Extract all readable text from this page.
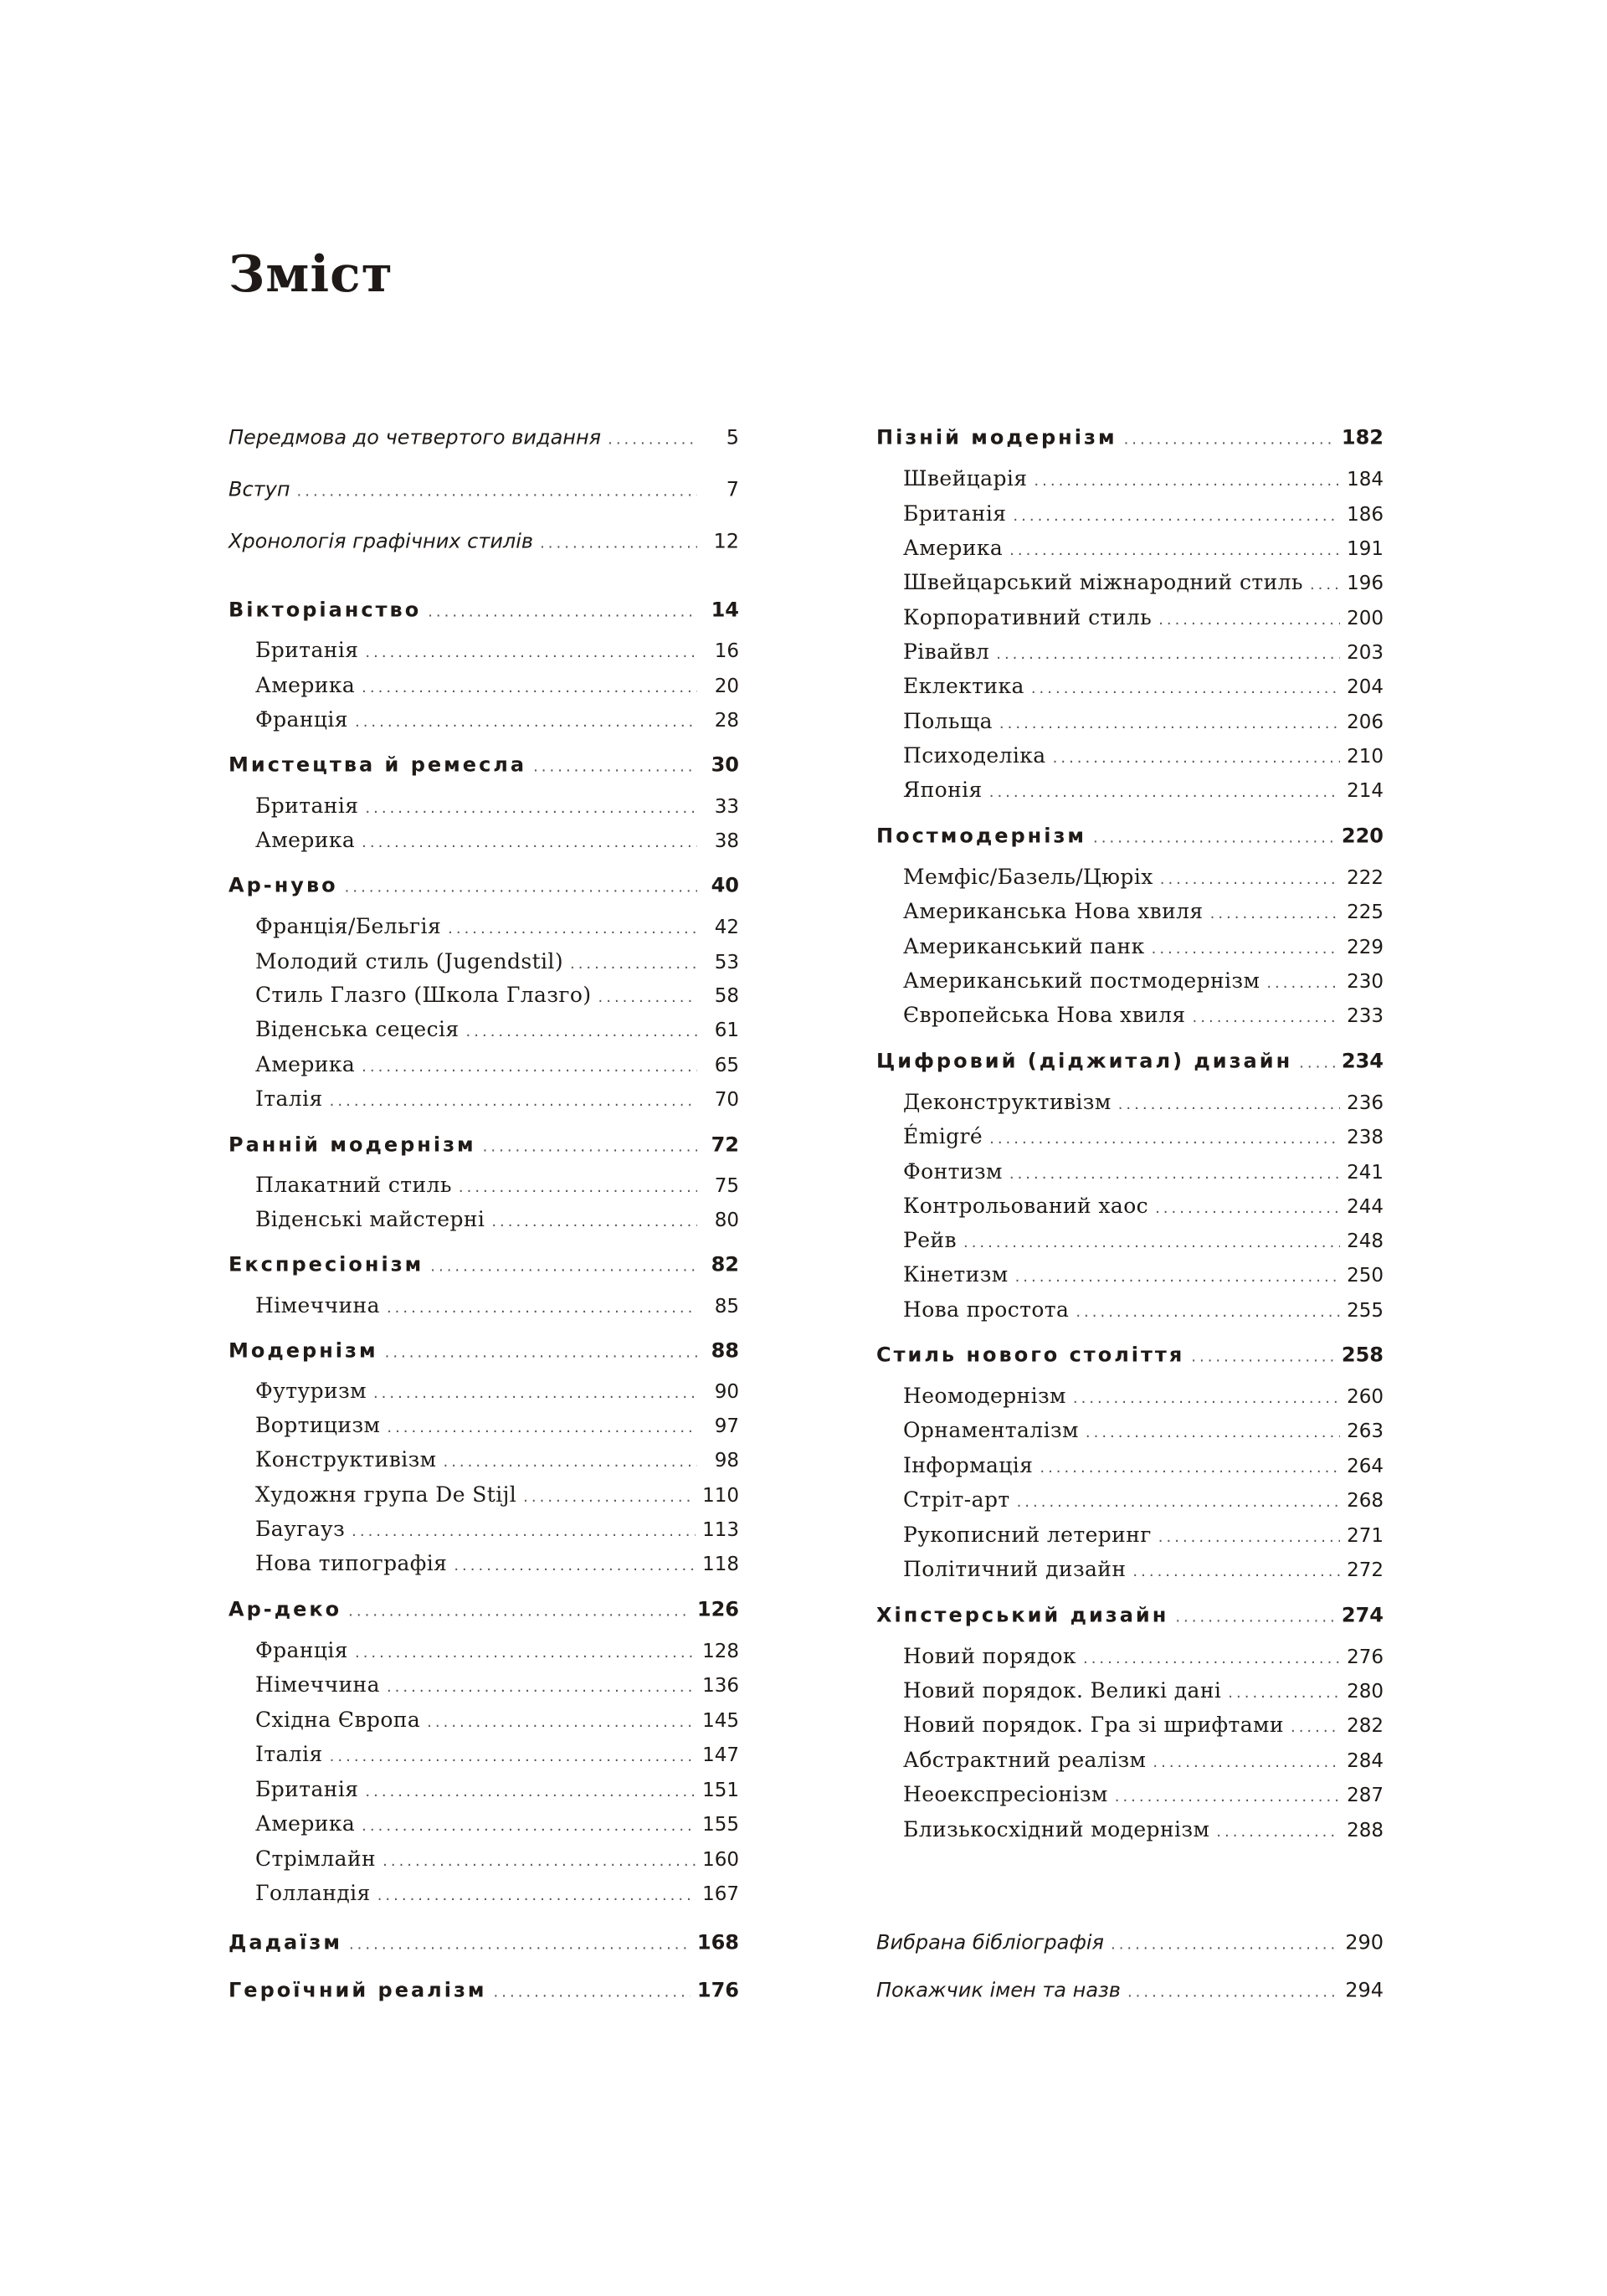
Зміст
Передмова до четвертого видання .....	5
Вступ .....	7
Хронологія графічних стилів .....	12
Вікторіанство .....	14
Британія .....	16
Америка .....	20
Франція .....	28
Мистецтва й ремесла .....	30
Британія .....	33
Америка .....	38
Ар-нуво .....	40
Франція/Бельгія .....	42
Молодий стиль (Jugendstil) .....	53
Стиль Глазго (Школа Глазго) .....	58
Віденська сецесія .....	61
Америка .....	65
Італія .....	70
Ранній модернізм .....	72
Плакатний стиль .....	75
Віденські майстерні .....	80
Експресіонізм .....	82
Німеччина .....	85
Модернізм .....	88
Футуризм .....	90
Вортицизм .....	97
Конструктивізм .....	98
Художня група De Stijl .....	110
Баугауз .....	113
Нова типографія .....	118
Ар-деко .....	126
Франція .....	128
Німеччина .....	136
Східна Європа .....	145
Італія .....	147
Британія .....	151
Америка .....	155
Стрімлайн .....	160
Голландія .....	167
Дадаїзм .....	168
Героїчний реалізм .....	176
Пізній модернізм .....	182
Швейцарія .....	184
Британія .....	186
Америка .....	191
Швейцарський міжнародний стиль ..... 196
Корпоративний стиль .....	200
Рівайвл .....	203
Еклектика .....	204
Польща .....	206
Психоделіка .....	210
Японія .....	214
Постмодернізм .....	220
Мемфіс/Базель/Цюріх .....	222
Американська Нова хвиля .....	225
Американський панк .....	229
Американський постмодернізм .....	230
Європейська Нова хвиля .....	233
Цифровий (діджитал) дизайн ..... 234
Деконструктивізм .....	236
Émigré .....	238
Фонтизм .....	241
Контрольований хаос .....	244
Рейв .....	248
Кінетизм .....	250
Нова простота .....	255
Стиль нового століття .....	258
Неомодернізм .....	260
Орнаменталізм .....	263
Інформація .....	264
Стріт-арт .....	268
Рукописний летеринг .....	271
Політичний дизайн .....	272
Хіпстерський дизайн .....	274
Новий порядок .....	276
Новий порядок. Великі дані .....	280
Новий порядок. Гра зі шрифтами .....	282
Абстрактний реалізм .....	284
Неоекспресіонізм .....	287
Близькосхідний модернізм .....	288
Вибрана бібліографія .....	290
Покажчик імен та назв .....	294
